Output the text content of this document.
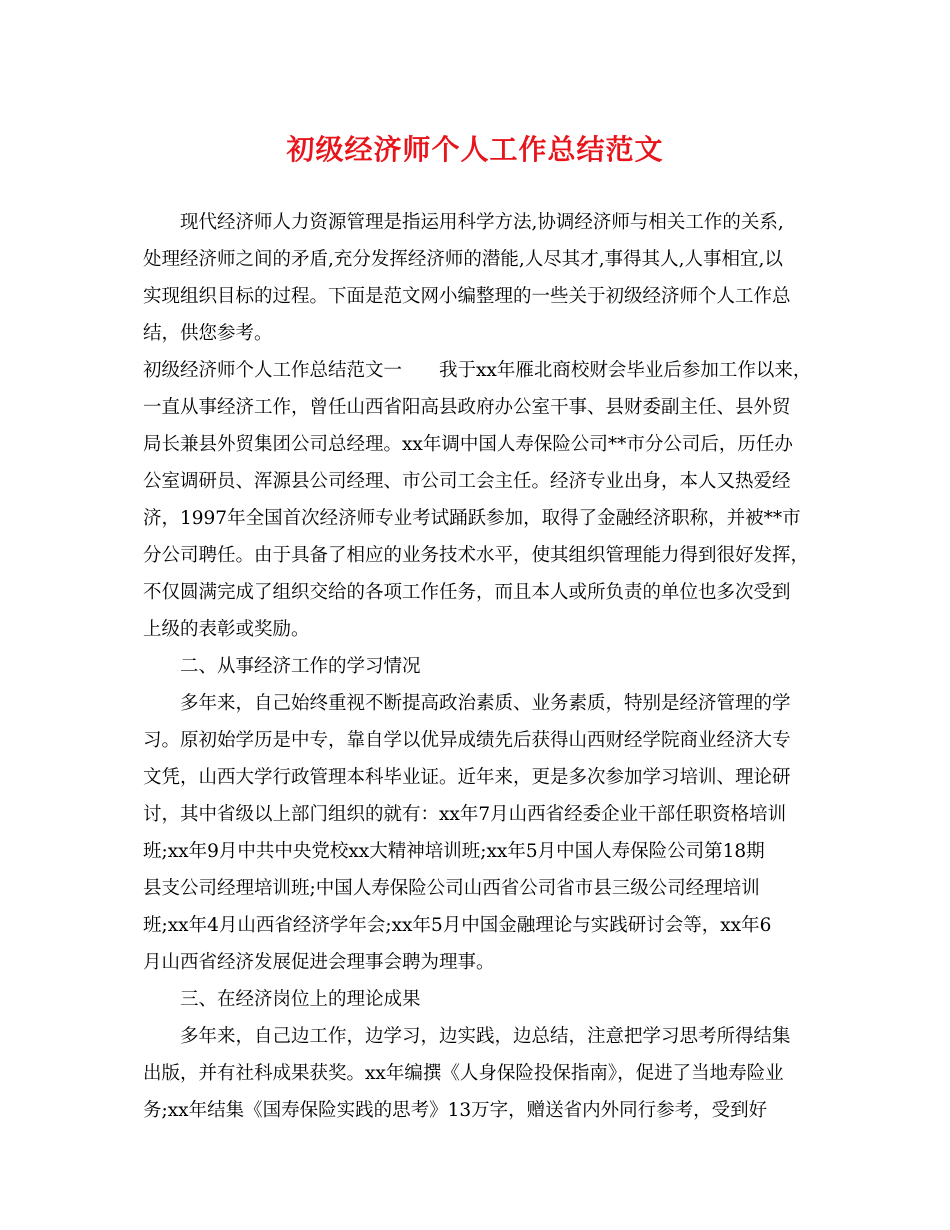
初级经济师个人工作总结范文
　　现代经济师人力资源管理是指运用科学方法,协调经济师与相关工作的关系,
处理经济师之间的矛盾,充分发挥经济师的潜能,人尽其才,事得其人,人事相宜,以
实现组织目标的过程。下面是范文网小编整理的一些关于初级经济师个人工作总
结，供您参考。
初级经济师个人工作总结范文一　　我于xx年雁北商校财会毕业后参加工作以来，
一直从事经济工作，曾任山西省阳高县政府办公室干事、县财委副主任、县外贸
局长兼县外贸集团公司总经理。xx年调中国人寿保险公司**市分公司后，历任办
公室调研员、浑源县公司经理、市公司工会主任。经济专业出身，本人又热爱经
济，1997年全国首次经济师专业考试踊跃参加，取得了金融经济职称，并被**市
分公司聘任。由于具备了相应的业务技术水平，使其组织管理能力得到很好发挥，
不仅圆满完成了组织交给的各项工作任务，而且本人或所负责的单位也多次受到
上级的表彰或奖励。
　　二、从事经济工作的学习情况
　　多年来，自己始终重视不断提高政治素质、业务素质，特别是经济管理的学
习。原初始学历是中专，靠自学以优异成绩先后获得山西财经学院商业经济大专
文凭，山西大学行政管理本科毕业证。近年来，更是多次参加学习培训、理论研
讨，其中省级以上部门组织的就有：xx年7月山西省经委企业干部任职资格培训
班;xx年9月中共中央党校xx大精神培训班;xx年5月中国人寿保险公司第18期
县支公司经理培训班;中国人寿保险公司山西省公司省市县三级公司经理培训
班;xx年4月山西省经济学年会;xx年5月中国金融理论与实践研讨会等，xx年6
月山西省经济发展促进会理事会聘为理事。
　　三、在经济岗位上的理论成果
　　多年来，自己边工作，边学习，边实践，边总结，注意把学习思考所得结集
出版，并有社科成果获奖。xx年编撰《人身保险投保指南》，促进了当地寿险业
务;xx年结集《国寿保险实践的思考》13万字，赠送省内外同行参考，受到好
